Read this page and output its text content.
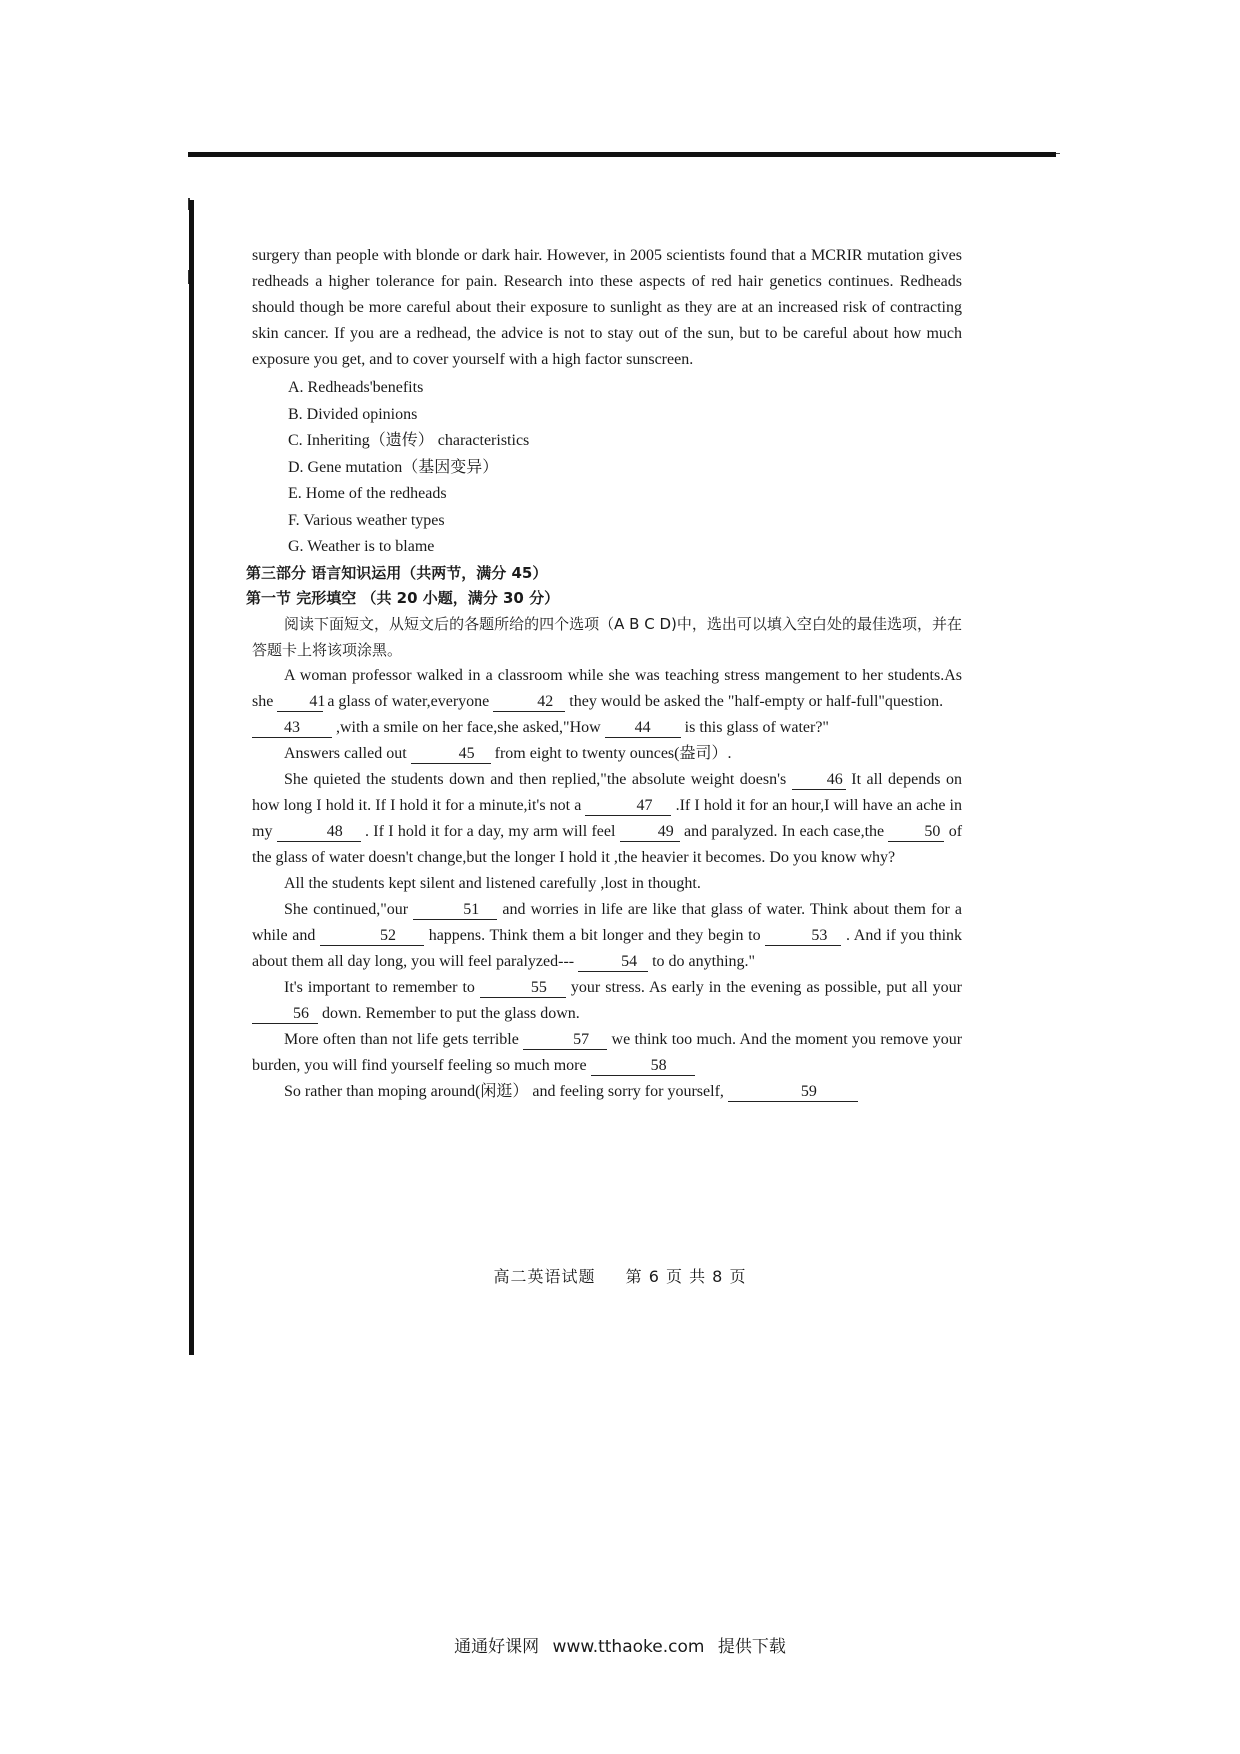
surgery than people with blonde or dark hair. However, in 2005 scientists found that a MCRIR mutation gives redheads a higher tolerance for pain. Research into these aspects of red hair genetics continues. Redheads should though be more careful about their exposure to sunlight as they are at an increased risk of contracting skin cancer. If you are a redhead, the advice is not to stay out of the sun, but to be careful about how much exposure you get, and to cover yourself with a high factor sunscreen.

A. Redheads'benefits
B. Divided opinions
C. Inheriting（遗传） characteristics
D. Gene mutation（基因变异）
E. Home of the redheads
F. Various weather types
G. Weather is to blame

第三部分 语言知识运用（共两节，满分 45）

第一节 完形填空 （共 20 小题，满分 30 分）

阅读下面短文，从短文后的各题所给的四个选项（A B C D)中，选出可以填入空白处的最佳选项，并在答题卡上将该项涂黑。

A woman professor walked in a classroom while she was teaching stress mangement to her students.As she 41 a glass of water,everyone	42 they would be asked the "half-empty or half-full"question.

43 ,with a smile on her face,she asked,"How 44 is this glass of water?"

Answers called out	45 from eight to twenty ounces(盎司）.

She quieted the students down and then replied,"the absolute weight doesn's	46 It all depends on how long I hold it. If I hold it for a minute,it's not a	47 .If I hold it for an hour,I will have an ache in my	48 . If I hold it for a day, my arm will feel	49 and paralyzed. In each case,the	50 of the glass of water doesn't change,but the longer I hold it ,the heavier it becomes. Do you know why?

All the students kept silent and listened carefully ,lost in thought.

She continued,"our	51 and worries in life are like that glass of water. Think about them for a while and	52 happens. Think them a bit longer and they begin to	53 . And if you think about them all day long, you will feel paralyzed---	54 to do anything."

It's important to remember to	55 your stress. As early in the evening as possible, put all your 56 down. Remember to put the glass down.

More often than not life gets terrible	57 we think too much. And the moment you remove your burden, you will find yourself feeling so much more	58

So rather than moping around(闲逛） and feeling sorry for yourself,	59

高二英语试题 第 6 页 共 8 页
通通好课网 www.tthaoke.com 提供下载
